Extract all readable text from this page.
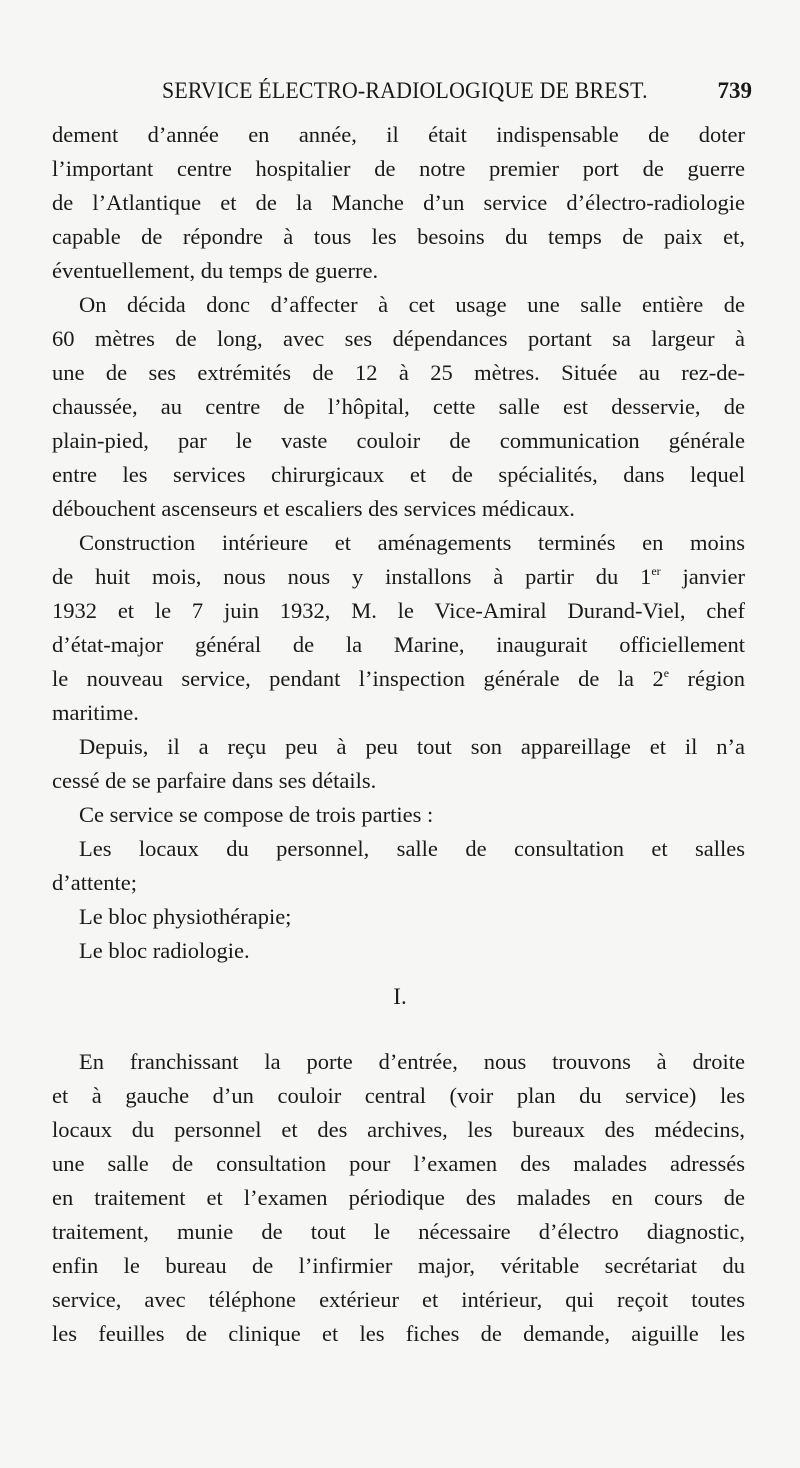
SERVICE ÉLECTRO-RADIOLOGIQUE DE BREST.	739
dement d’année en année, il était indispensable de doter
l’important centre hospitalier de notre premier port de guerre
de l’Atlantique et de la Manche d’un service d’électro-radiologie
capable de répondre à tous les besoins du temps de paix et,
éventuellement, du temps de guerre.
On décida donc d’affecter à cet usage une salle entière de
60 mètres de long, avec ses dépendances portant sa largeur à
une de ses extrémités de 12 à 25 mètres. Située au rez-de-
chaussée, au centre de l’hôpital, cette salle est desservie, de
plain-pied, par le vaste couloir de communication générale
entre les services chirurgicaux et de spécialités, dans lequel
débouchent ascenseurs et escaliers des services médicaux.
Construction intérieure et aménagements terminés en moins
de huit mois, nous nous y installons à partir du 1er janvier
1932 et le 7 juin 1932, M. le Vice-Amiral Durand-Viel, chef
d’état-major général de la Marine, inaugurait officiellement
le nouveau service, pendant l’inspection générale de la 2e région
maritime.
Depuis, il a reçu peu à peu tout son appareillage et il n’a
cessé de se parfaire dans ses détails.
Ce service se compose de trois parties :
Les locaux du personnel, salle de consultation et salles
d’attente;
Le bloc physiothérapie;
Le bloc radiologie.
I.
En franchissant la porte d’entrée, nous trouvons à droite
et à gauche d’un couloir central (voir plan du service) les
locaux du personnel et des archives, les bureaux des médecins,
une salle de consultation pour l’examen des malades adressés
en traitement et l’examen périodique des malades en cours de
traitement, munie de tout le nécessaire d’électro diagnostic,
enfin le bureau de l’infirmier major, véritable secrétariat du
service, avec téléphone extérieur et intérieur, qui reçoit toutes
les feuilles de clinique et les fiches de demande, aiguille les
